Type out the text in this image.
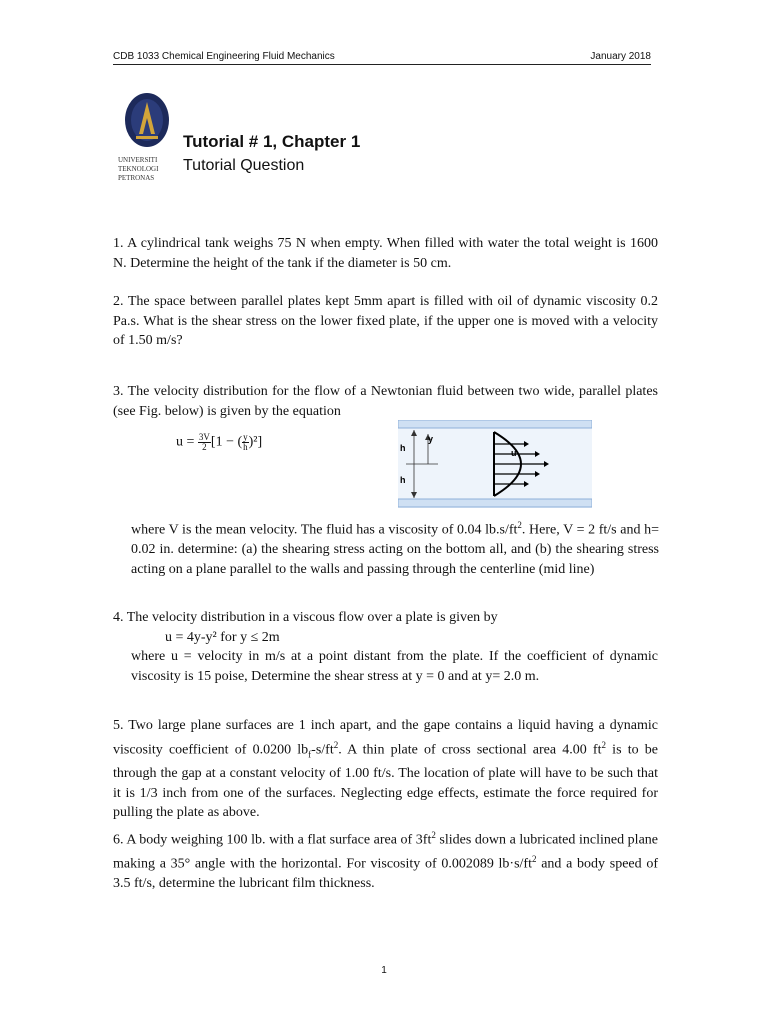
CDB 1033 Chemical Engineering Fluid Mechanics	January 2018
UNIVERSITI
TEKNOLOGI
PETRONAS
Tutorial # 1, Chapter 1
Tutorial Question

1. A cylindrical tank weighs 75 N when empty. When filled with water the total weight is 1600 N. Determine the height of the tank if the diameter is 50 cm.

2. The space between parallel plates kept 5mm apart is filled with oil of dynamic viscosity 0.2 Pa.s. What is the shear stress on the lower fixed plate, if the upper one is moved with a velocity of 1.50 m/s?

3. The velocity distribution for the flow of a Newtonian fluid between two wide, parallel plates (see Fig. below) is given by the equation

$u = \frac{3V}{2} [1$ − ( $\frac{y}{h} )^2$]	h
y
h
u

where V is the mean velocity. The fluid has a viscosity of 0.04 $lb.s/ft^2$. Here, V = 2 ft/s and h= 0.02 in. determine: (a) the shearing stress acting on the bottom all, and (b) the shearing stress acting on a plane parallel to the walls and passing through the centerline (mid line)

4. The velocity distribution in a viscous flow over a plate is given by

u = 4y-y² for y ≤ 2m

where u = velocity in m/s at a point distant from the plate. If the coefficient of dynamic viscosity is 15 poise, Determine the shear stress at y = 0 and at y= 2.0 m.

5. Two large plane surfaces are 1 inch apart, and the gape contains a liquid having a dynamic viscosity coefficient of 0.0200 $lb_f-s/ft^2$. A thin plate of cross sectional area 4.00 $ft^2$ is to be through the gap at a constant velocity of 1.00 ft/s. The location of plate will have to be such that it is 1/3 inch from one of the surfaces. Neglecting edge effects, estimate the force required for pulling the plate as above.

6. A body weighing 100 lb. with a flat surface area of $3ft^2$ slides down a lubricated inclined plane making a 35° angle with the horizontal. For viscosity of 0.002089 $lb\cdot s/ft^2$ and a body speed of 3.5 ft/s, determine the lubricant film thickness.

1
